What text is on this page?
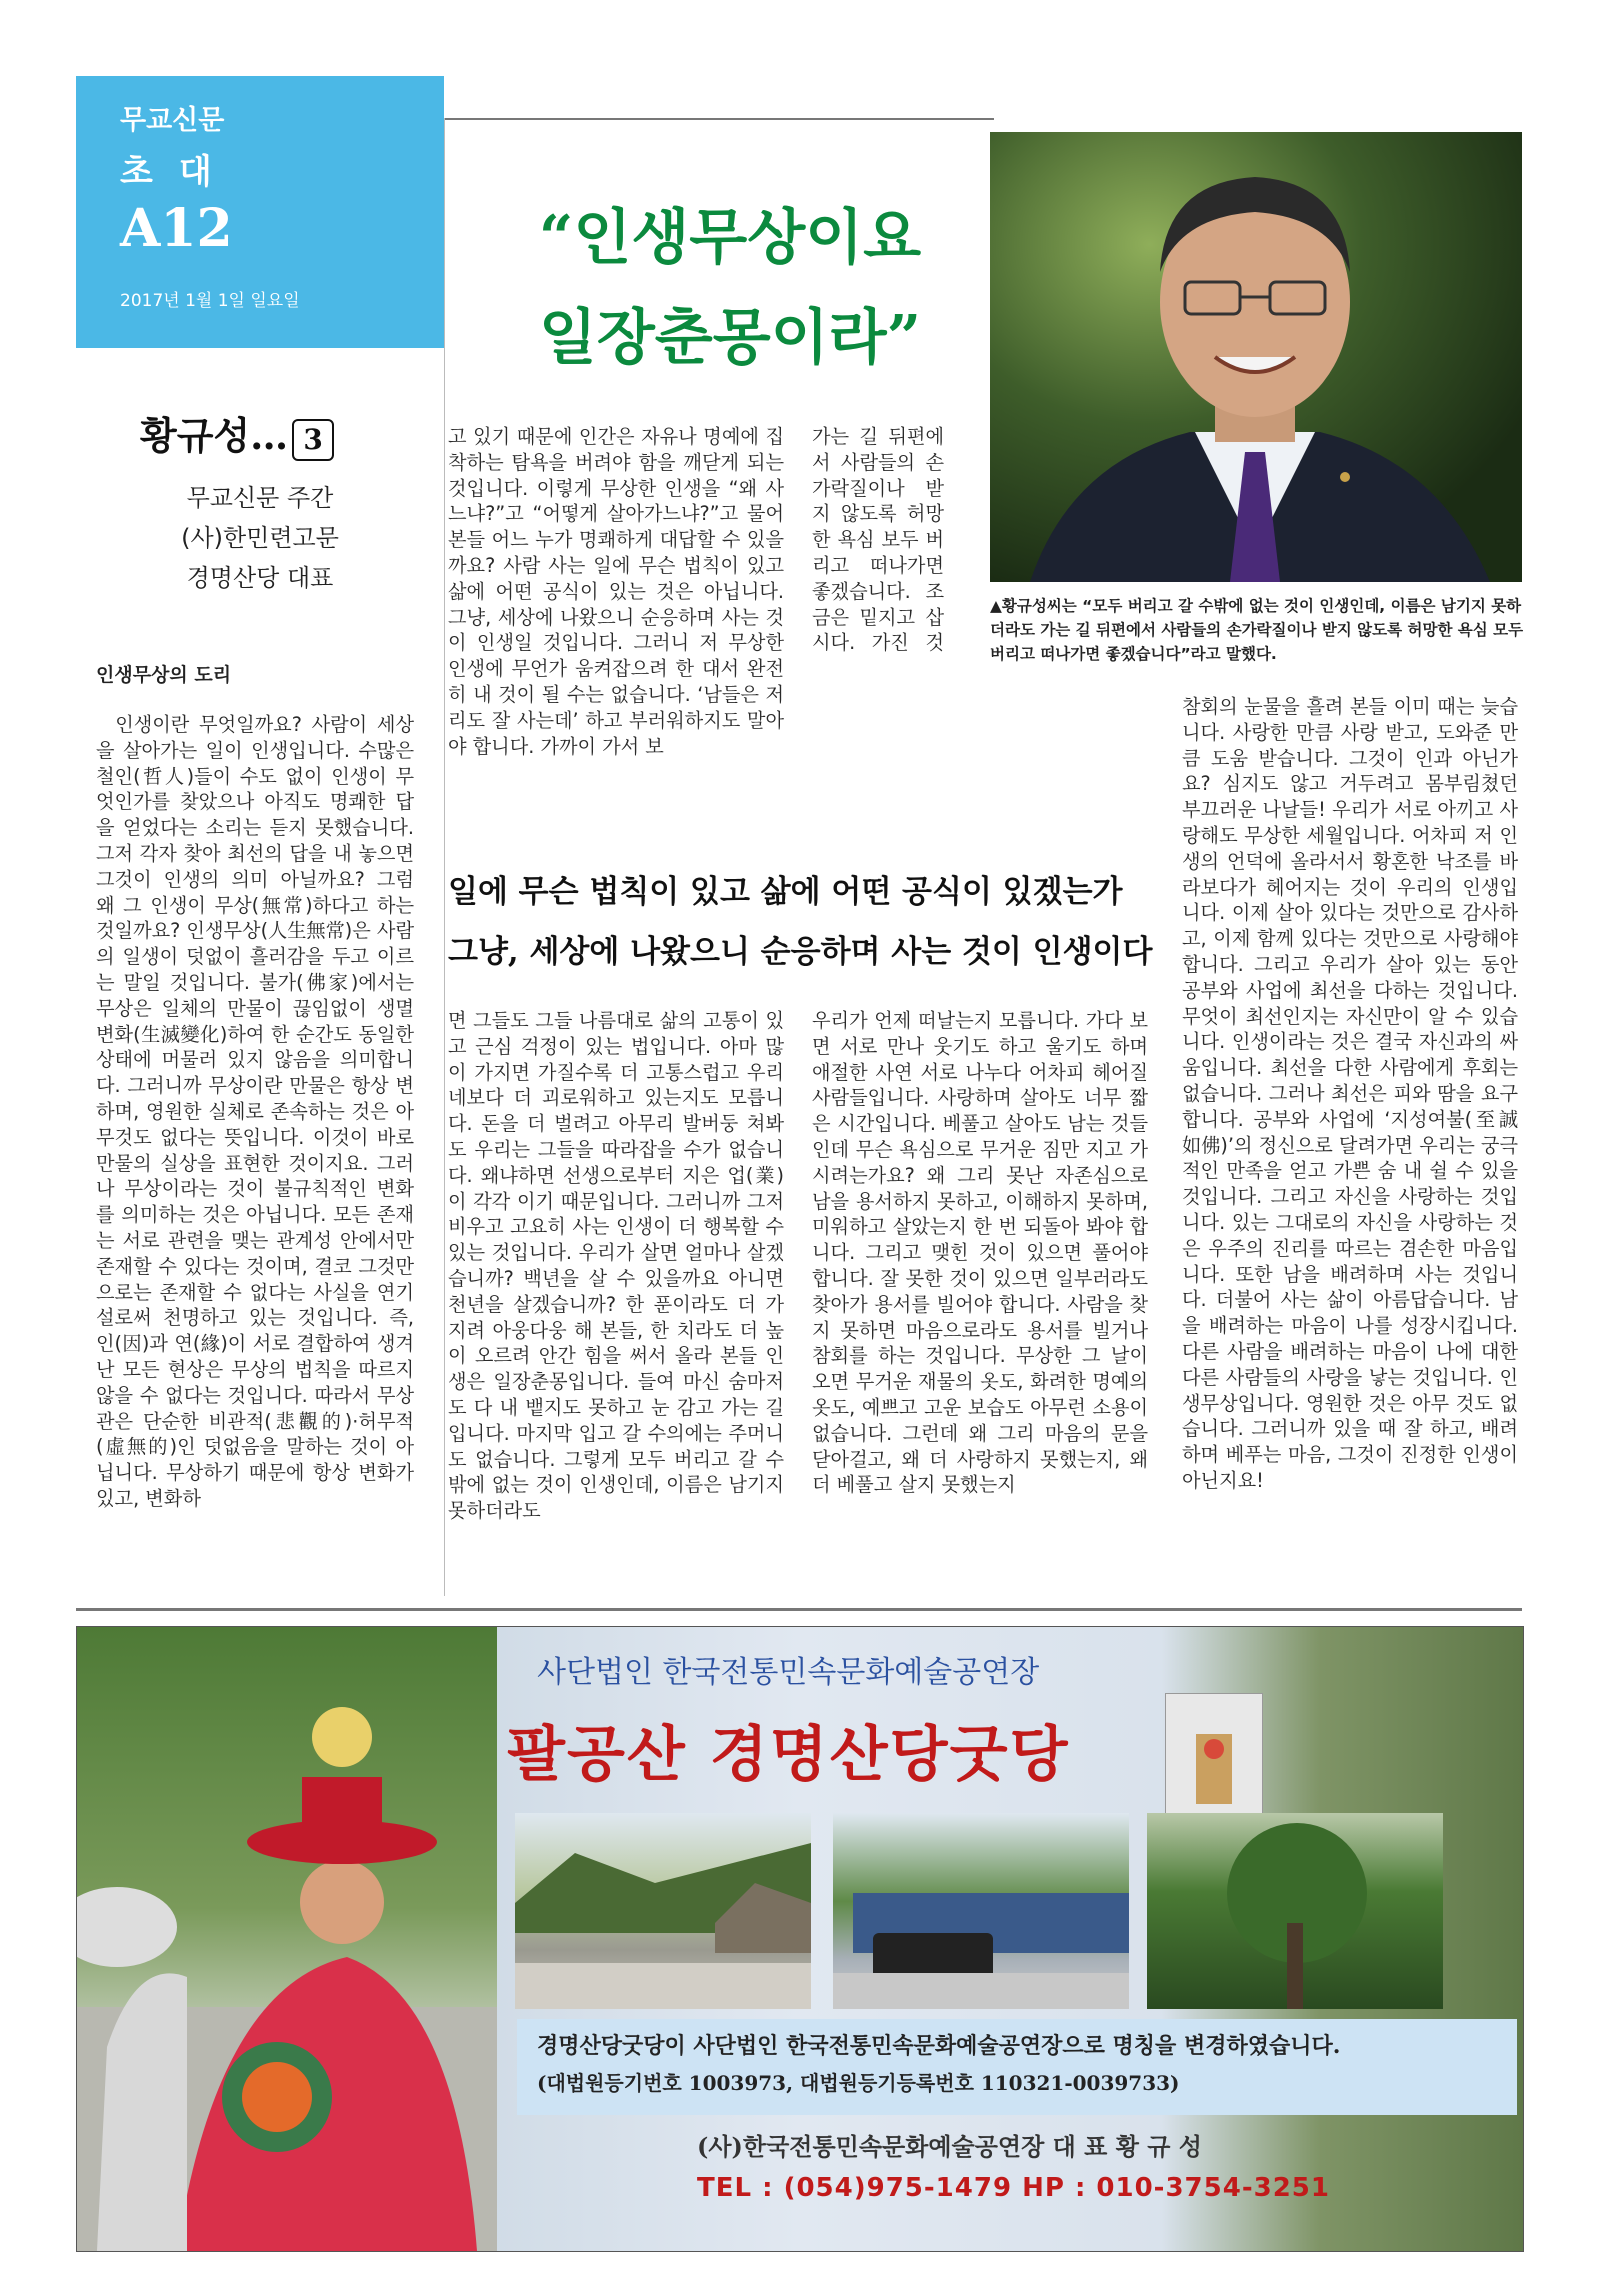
무교신문
초대
A12
2017년 1월 1일 일요일
“인생무상이요
일장춘몽이라”
▲황규성씨는 “모두 버리고 갈 수밖에 없는 것이 인생인데, 이름은 남기지 못하더라도 가는 길 뒤편에서 사람들의 손가락질이나 받지 않도록 허망한 욕심 모두 버리고 떠나가면 좋겠습니다”라고 말했다.
황규성… 3
무교신문 주간
(사)한민련고문
경명산당 대표
인생무상의 도리

인생이란 무엇일까요? 사람이 세상을 살아가는 일이 인생입니다. 수많은 철인(哲人)들이 수도 없이 인생이 무엇인가를 찾았으나 아직도 명쾌한 답을 얻었다는 소리는 듣지 못했습니다. 그저 각자 찾아 최선의 답을 내 놓으면 그것이 인생의 의미 아닐까요? 그럼 왜 그 인생이 무상(無常)하다고 하는 것일까요? 인생무상(人生無常)은 사람의 일생이 덧없이 흘러감을 두고 이르는 말일 것입니다. 불가(佛家)에서는 무상은 일체의 만물이 끊임없이 생멸변화(生滅變化)하여 한 순간도 동일한 상태에 머물러 있지 않음을 의미합니다. 그러니까 무상이란 만물은 항상 변하며, 영원한 실체로 존속하는 것은 아무것도 없다는 뜻입니다. 이것이 바로 만물의 실상을 표현한 것이지요. 그러나 무상이라는 것이 불규칙적인 변화를 의미하는 것은 아닙니다. 모든 존재는 서로 관련을 맺는 관계성 안에서만 존재할 수 있다는 것이며, 결코 그것만으로는 존재할 수 없다는 사실을 연기설로써 천명하고 있는 것입니다. 즉, 인(因)과 연(緣)이 서로 결합하여 생겨난 모든 현상은 무상의 법칙을 따르지 않을 수 없다는 것입니다. 따라서 무상관은 단순한 비관적(悲觀的)·허무적(虛無的)인 덧없음을 말하는 것이 아닙니다. 무상하기 때문에 항상 변화가 있고, 변화하

고 있기 때문에 인간은 자유나 명예에 집착하는 탐욕을 버려야 함을 깨닫게 되는 것입니다. 이렇게 무상한 인생을 “왜 사느냐?”고 “어떻게 살아가느냐?”고 물어본들 어느 누가 명쾌하게 대답할 수 있을까요? 사람 사는 일에 무슨 법칙이 있고 삶에 어떤 공식이 있는 것은 아닙니다. 그냥, 세상에 나왔으니 순응하며 사는 것이 인생일 것입니다. 그러니 저 무상한 인생에 무언가 움켜잡으려 한 대서 완전히 내 것이 될 수는 없습니다. ‘남들은 저리도 잘 사는데’ 하고 부러워하지도 말아야 합니다. 가까이 가서 보

가는 길 뒤편에서 사람들의 손가락질이나 받지 않도록 허망한 욕심 보두 버리고 떠나가면 좋겠습니다. 조금은 밑지고 삽시다. 가진 것

일에 무슨 법칙이 있고 삶에 어떤 공식이 있겠는가
그냥, 세상에 나왔으니 순응하며 사는 것이 인생이다

면 그들도 그들 나름대로 삶의 고통이 있고 근심 걱정이 있는 법입니다. 아마 많이 가지면 가질수록 더 고통스럽고 우리네보다 더 괴로워하고 있는지도 모릅니다. 돈을 더 벌려고 아무리 발버둥 쳐봐도 우리는 그들을 따라잡을 수가 없습니다. 왜냐하면 선생으로부터 지은 업(業)이 각각 이기 때문입니다. 그러니까 그저 비우고 고요히 사는 인생이 더 행복할 수 있는 것입니다. 우리가 살면 얼마나 살겠습니까? 백년을 살 수 있을까요 아니면 천년을 살겠습니까? 한 푼이라도 더 가지려 아웅다웅 해 본들, 한 치라도 더 높이 오르려 안간 힘을 써서 올라 본들 인생은 일장춘몽입니다. 들여 마신 숨마저도 다 내 뱉지도 못하고 눈 감고 가는 길입니다. 마지막 입고 갈 수의에는 주머니도 없습니다. 그렇게 모두 버리고 갈 수밖에 없는 것이 인생인데, 이름은 남기지 못하더라도

우리가 언제 떠날는지 모릅니다. 가다 보면 서로 만나 웃기도 하고 울기도 하며 애절한 사연 서로 나누다 어차피 헤어질 사람들입니다. 사랑하며 살아도 너무 짧은 시간입니다. 베풀고 살아도 남는 것들 인데 무슨 욕심으로 무거운 짐만 지고 가시려는가요? 왜 그리 못난 자존심으로 남을 용서하지 못하고, 이해하지 못하며, 미워하고 살았는지 한 번 되돌아 봐야 합니다. 그리고 맺힌 것이 있으면 풀어야 합니다. 잘 못한 것이 있으면 일부러라도 찾아가 용서를 빌어야 합니다. 사람을 찾지 못하면 마음으로라도 용서를 빌거나 참회를 하는 것입니다. 무상한 그 날이 오면 무거운 재물의 옷도, 화려한 명예의 옷도, 예쁘고 고운 보습도 아무런 소용이 없습니다. 그런데 왜 그리 마음의 문을 닫아걸고, 왜 더 사랑하지 못했는지, 왜 더 베풀고 살지 못했는지

참회의 눈물을 흘려 본들 이미 때는 늦습니다. 사랑한 만큼 사랑 받고, 도와준 만큼 도움 받습니다. 그것이 인과 아닌가요? 심지도 않고 거두려고 몸부림쳤던 부끄러운 나날들! 우리가 서로 아끼고 사랑해도 무상한 세월입니다. 어차피 저 인생의 언덕에 올라서서 황혼한 낙조를 바라보다가 헤어지는 것이 우리의 인생입니다. 이제 살아 있다는 것만으로 감사하고, 이제 함께 있다는 것만으로 사랑해야합니다. 그리고 우리가 살아 있는 동안 공부와 사업에 최선을 다하는 것입니다. 무엇이 최선인지는 자신만이 알 수 있습니다. 인생이라는 것은 결국 자신과의 싸움입니다. 최선을 다한 사람에게 후회는 없습니다. 그러나 최선은 피와 땀을 요구합니다. 공부와 사업에 ‘지성여불(至誠如佛)’의 정신으로 달려가면 우리는 궁극적인 만족을 얻고 가쁜 숨 내 쉴 수 있을 것입니다. 그리고 자신을 사랑하는 것입니다. 있는 그대로의 자신을 사랑하는 것은 우주의 진리를 따르는 겸손한 마음입니다. 또한 남을 배려하며 사는 것입니다. 더불어 사는 삶이 아름답습니다. 남을 배려하는 마음이 나를 성장시킵니다. 다른 사람을 배려하는 마음이 나에 대한 다른 사람들의 사랑을 낳는 것입니다. 인생무상입니다. 영원한 것은 아무 것도 없습니다. 그러니까 있을 때 잘 하고, 배려하며 베푸는 마음, 그것이 진정한 인생이 아닌지요!

사단법인 한국전통민속문화예술공연장
팔공산 경명산당굿당
경명산당굿당이 사단법인 한국전통민속문화예술공연장으로 명칭을 변경하였습니다.
(대법원등기번호 1003973, 대법원등기등록번호 110321-0039733)
(사)한국전통민속문화예술공연장 대 표 황 규 성
TEL : (054)975-1479 HP : 010-3754-3251
